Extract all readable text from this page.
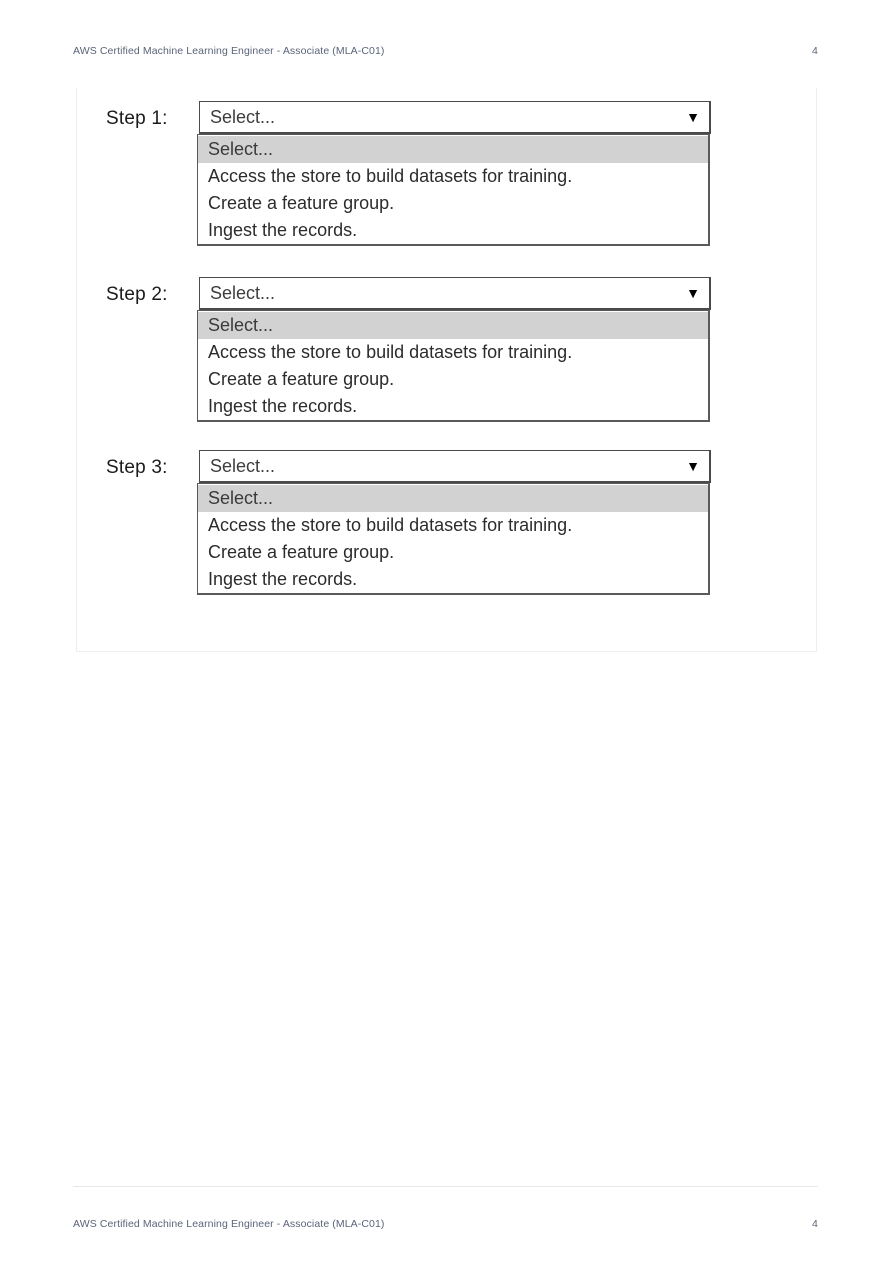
AWS Certified Machine Learning Engineer - Associate (MLA-C01)	4
Step 1:	Select...	▼
Select...
Access the store to build datasets for training.
Create a feature group.
Ingest the records.
Step 2:	Select...	▼
Select...
Access the store to build datasets for training.
Create a feature group.
Ingest the records.
Step 3:	Select...	▼
Select...
Access the store to build datasets for training.
Create a feature group.
Ingest the records.
AWS Certified Machine Learning Engineer - Associate (MLA-C01)	4
